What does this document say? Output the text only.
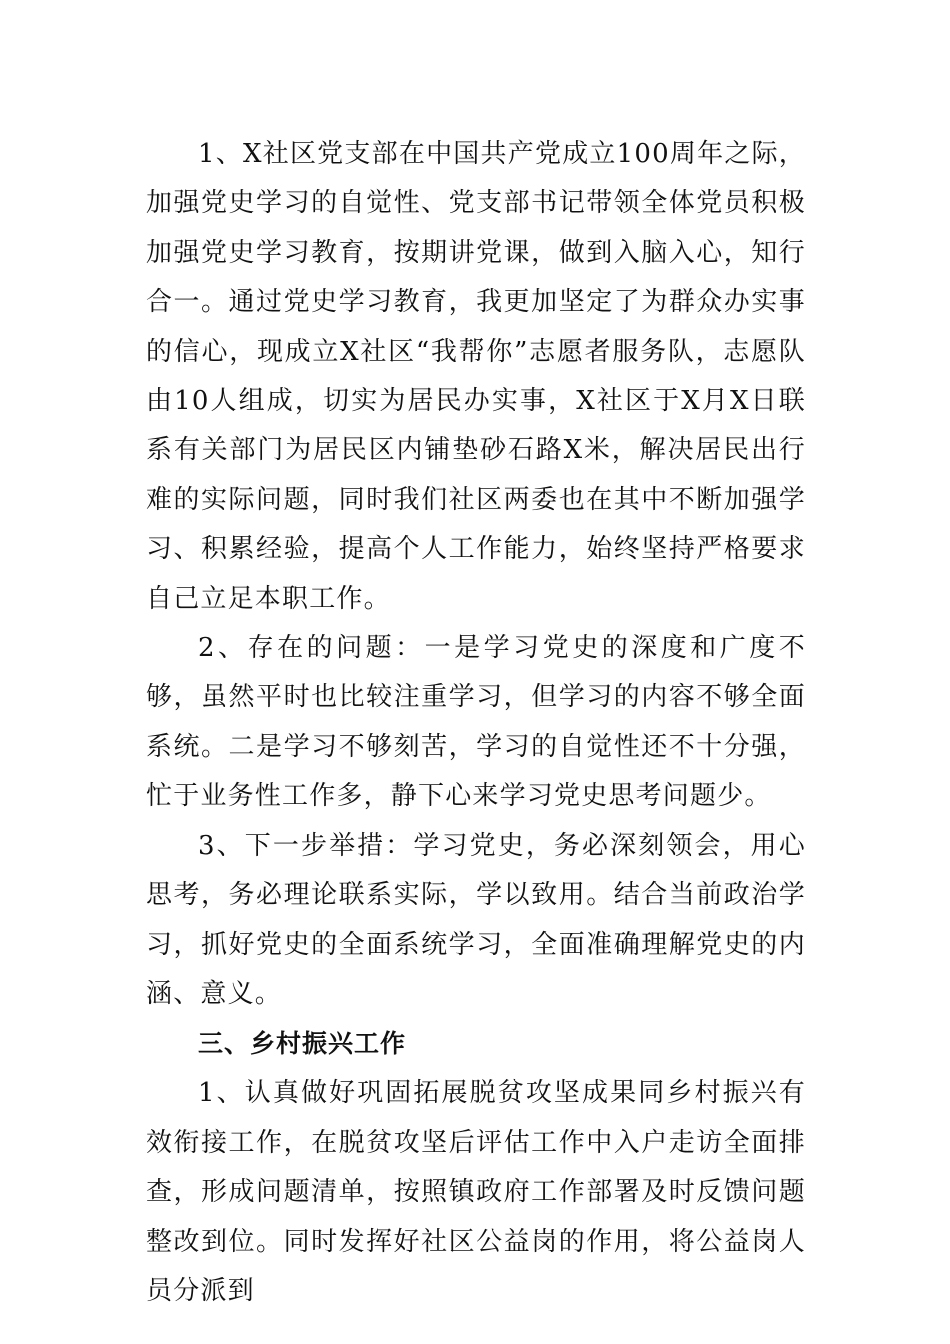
1、X社区党支部在中国共产党成立100周年之际，加强党史学习的自觉性、党支部书记带领全体党员积极加强党史学习教育，按期讲党课，做到入脑入心，知行合一。通过党史学习教育，我更加坚定了为群众办实事的信心，现成立X社区“我帮你”志愿者服务队，志愿队由10人组成，切实为居民办实事，X社区于X月X日联系有关部门为居民区内铺垫砂石路X米，解决居民出行难的实际问题，同时我们社区两委也在其中不断加强学习、积累经验，提高个人工作能力，始终坚持严格要求自己立足本职工作。

2、存在的问题：一是学习党史的深度和广度不够，虽然平时也比较注重学习，但学习的内容不够全面系统。二是学习不够刻苦，学习的自觉性还不十分强，忙于业务性工作多，静下心来学习党史思考问题少。

3、下一步举措：学习党史，务必深刻领会，用心思考，务必理论联系实际，学以致用。结合当前政治学习，抓好党史的全面系统学习，全面准确理解党史的内涵、意义。

三、乡村振兴工作

1、认真做好巩固拓展脱贫攻坚成果同乡村振兴有效衔接工作，在脱贫攻坚后评估工作中入户走访全面排查，形成问题清单，按照镇政府工作部署及时反馈问题整改到位。同时发挥好社区公益岗的作用，将公益岗人员分派到
